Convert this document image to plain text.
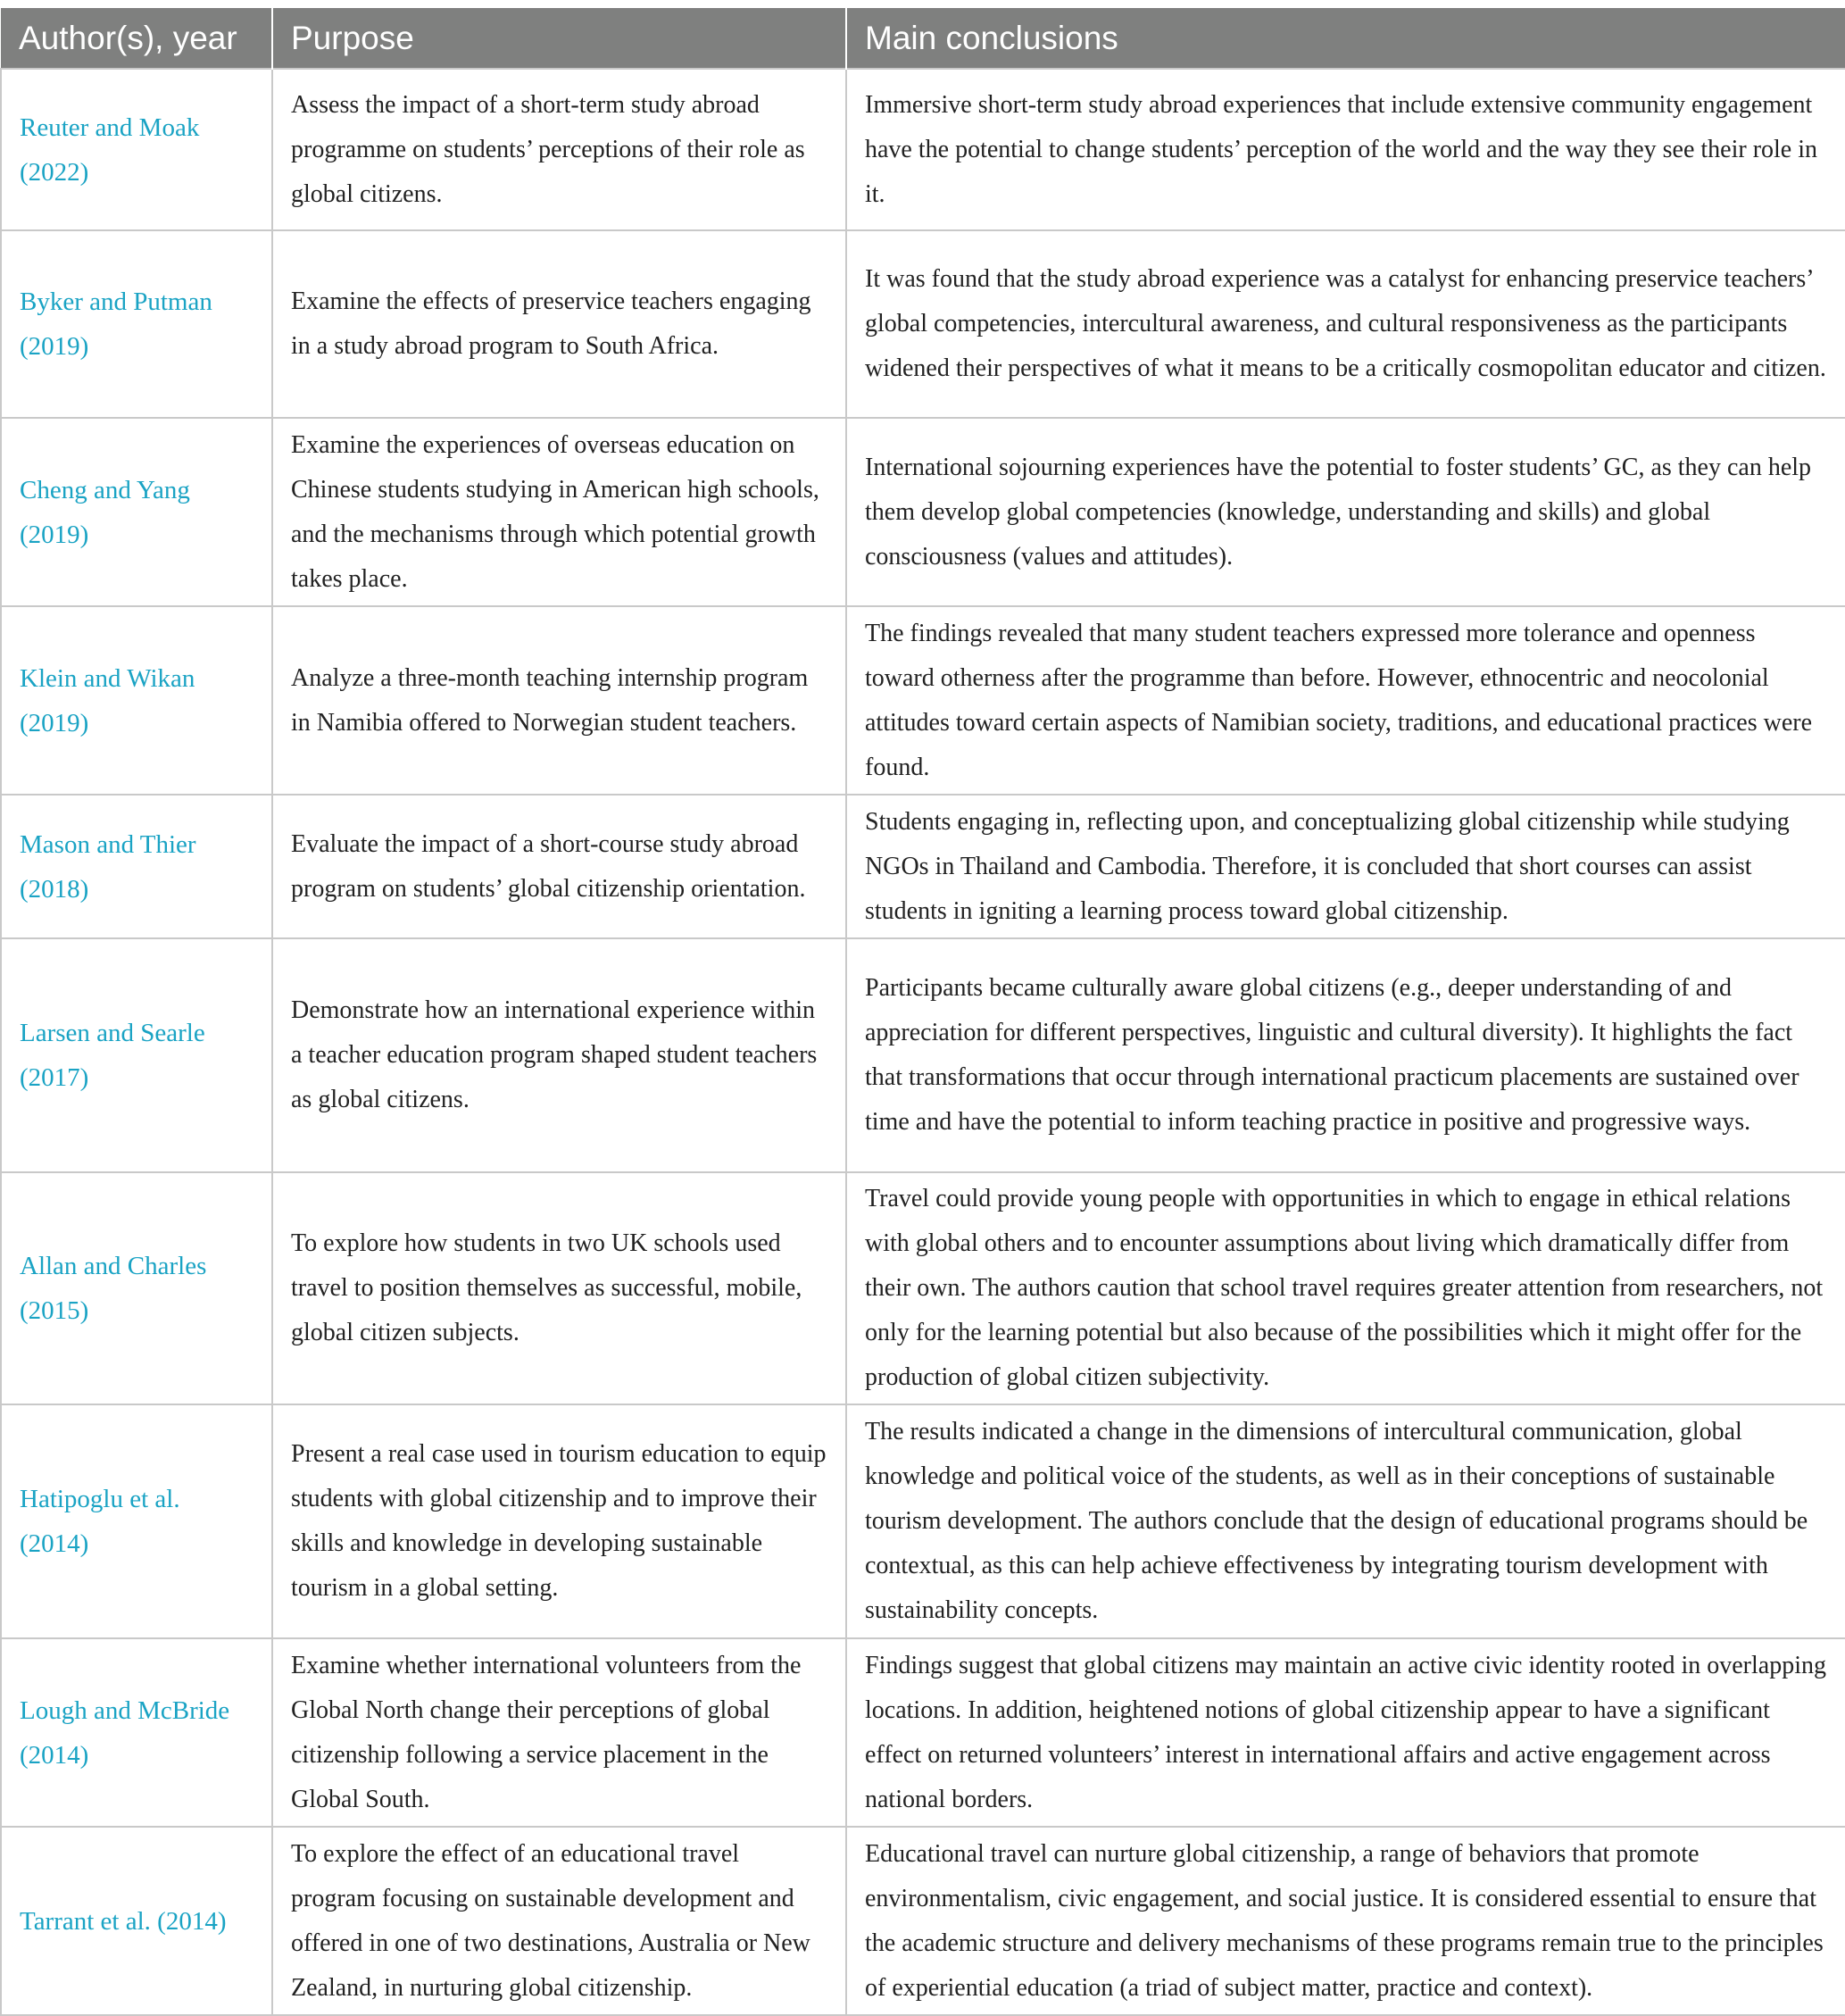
Author(s), year	Purpose	Main conclusions
Reuter and Moak (2022)	Assess the impact of a short-term study abroad programme on students’ perceptions of their role as global citizens.	Immersive short-term study abroad experiences that include extensive community engagement have the potential to change students’ perception of the world and the way they see their role in it.
Byker and Putman (2019)	Examine the effects of preservice teachers engaging in a study abroad program to South Africa.	It was found that the study abroad experience was a catalyst for enhancing preservice teachers’ global competencies, intercultural awareness, and cultural responsiveness as the participants widened their perspectives of what it means to be a critically cosmopolitan educator and citizen.
Cheng and Yang (2019)	Examine the experiences of overseas education on Chinese students studying in American high schools, and the mechanisms through which potential growth takes place.	International sojourning experiences have the potential to foster students’ GC, as they can help them develop global competencies (knowledge, understanding and skills) and global consciousness (values and attitudes).
Klein and Wikan (2019)	Analyze a three-month teaching internship program in Namibia offered to Norwegian student teachers.	The findings revealed that many student teachers expressed more tolerance and openness toward otherness after the programme than before. However, ethnocentric and neocolonial attitudes toward certain aspects of Namibian society, traditions, and educational practices were found.
Mason and Thier (2018)	Evaluate the impact of a short-course study abroad program on students’ global citizenship orientation.	Students engaging in, reflecting upon, and conceptualizing global citizenship while studying NGOs in Thailand and Cambodia. Therefore, it is concluded that short courses can assist students in igniting a learning process toward global citizenship.
Larsen and Searle (2017)	Demonstrate how an international experience within a teacher education program shaped student teachers as global citizens.	Participants became culturally aware global citizens (e.g., deeper understanding of and appreciation for different perspectives, linguistic and cultural diversity). It highlights the fact that transformations that occur through international practicum placements are sustained over time and have the potential to inform teaching practice in positive and progressive ways.
Allan and Charles (2015)	To explore how students in two UK schools used travel to position themselves as successful, mobile, global citizen subjects.	Travel could provide young people with opportunities in which to engage in ethical relations with global others and to encounter assumptions about living which dramatically differ from their own. The authors caution that school travel requires greater attention from researchers, not only for the learning potential but also because of the possibilities which it might offer for the production of global citizen subjectivity.
Hatipoglu et al. (2014)	Present a real case used in tourism education to equip students with global citizenship and to improve their skills and knowledge in developing sustainable tourism in a global setting.	The results indicated a change in the dimensions of intercultural communication, global knowledge and political voice of the students, as well as in their conceptions of sustainable tourism development. The authors conclude that the design of educational programs should be contextual, as this can help achieve effectiveness by integrating tourism development with sustainability concepts.
Lough and McBride (2014)	Examine whether international volunteers from the Global North change their perceptions of global citizenship following a service placement in the Global South.	Findings suggest that global citizens may maintain an active civic identity rooted in overlapping locations. In addition, heightened notions of global citizenship appear to have a significant effect on returned volunteers’ interest in international affairs and active engagement across national borders.
Tarrant et al. (2014)	To explore the effect of an educational travel program focusing on sustainable development and offered in one of two destinations, Australia or New Zealand, in nurturing global citizenship.	Educational travel can nurture global citizenship, a range of behaviors that promote environmentalism, civic engagement, and social justice. It is considered essential to ensure that the academic structure and delivery mechanisms of these programs remain true to the principles of experiential education (a triad of subject matter, practice and context).
